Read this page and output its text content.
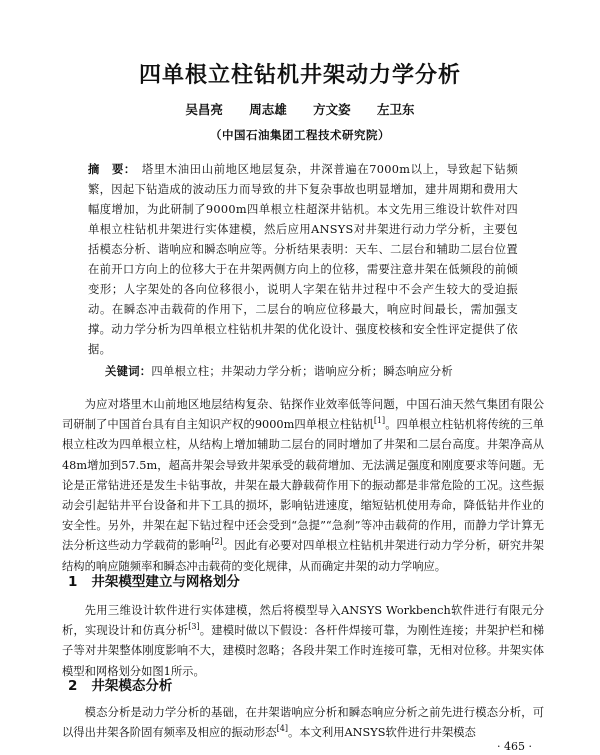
四单根立柱钻机井架动力学分析
吴昌亮 周志雄 方文姿 左卫东
（中国石油集团工程技术研究院）
摘　要： 塔里木油田山前地区地层复杂，井深普遍在7000m以上，导致起下钻频繁，因起下钻造成的波动压力而导致的井下复杂事故也明显增加，建井周期和费用大幅度增加，为此研制了9000m四单根立柱超深井钻机。本文先用三维设计软件对四单根立柱钻机井架进行实体建模，然后应用ANSYS对井架进行动力学分析，主要包括模态分析、谐响应和瞬态响应等。分析结果表明：天车、二层台和辅助二层台位置在前开口方向上的位移大于在井架两侧方向上的位移，需要注意井架在低频段的前倾变形；人字架处的各向位移很小，说明人字架在钻井过程中不会产生较大的受迫振动。在瞬态冲击载荷的作用下，二层台的响应位移最大，响应时间最长，需加强支撑。动力学分析为四单根立柱钻机井架的优化设计、强度校核和安全性评定提供了依据。
关键词：四单根立柱；井架动力学分析；谐响应分析；瞬态响应分析

为应对塔里木山前地区地层结构复杂、钻探作业效率低等问题，中国石油天然气集团有限公司研制了中国首台具有自主知识产权的9000m四单根立柱钻机[1]。四单根立柱钻机将传统的三单根立柱改为四单根立柱，从结构上增加辅助二层台的同时增加了井架和二层台高度。井架净高从48m增加到57.5m，超高井架会导致井架承受的载荷增加、无法满足强度和刚度要求等问题。无论是正常钻进还是发生卡钻事故，井架在最大静载荷作用下的振动都是非常危险的工况。这些振动会引起钻井平台设备和井下工具的损坏，影响钻进速度，缩短钻机使用寿命，降低钻井作业的安全性。另外，井架在起下钻过程中还会受到“急提”“急刹”等冲击载荷的作用，而静力学计算无法分析这些动力学载荷的影响[2]。因此有必要对四单根立柱钻机井架进行动力学分析，研究井架结构的响应随频率和瞬态冲击载荷的变化规律，从而确定井架的动力学响应。

1 井架模型建立与网格划分

先用三维设计软件进行实体建模，然后将模型导入ANSYS Workbench软件进行有限元分析，实现设计和仿真分析[3]。建模时做以下假设：各杆件焊接可靠，为刚性连接；井架护栏和梯子等对井架整体刚度影响不大，建模时忽略；各段井架工作时连接可靠，无相对位移。井架实体模型和网格划分如图1所示。

2 井架模态分析

模态分析是动力学分析的基础，在井架谐响应分析和瞬态响应分析之前先进行模态分析，可以得出井架各阶固有频率及相应的振动形态[4]。本文利用ANSYS软件进行井架模态

· 465 ·
